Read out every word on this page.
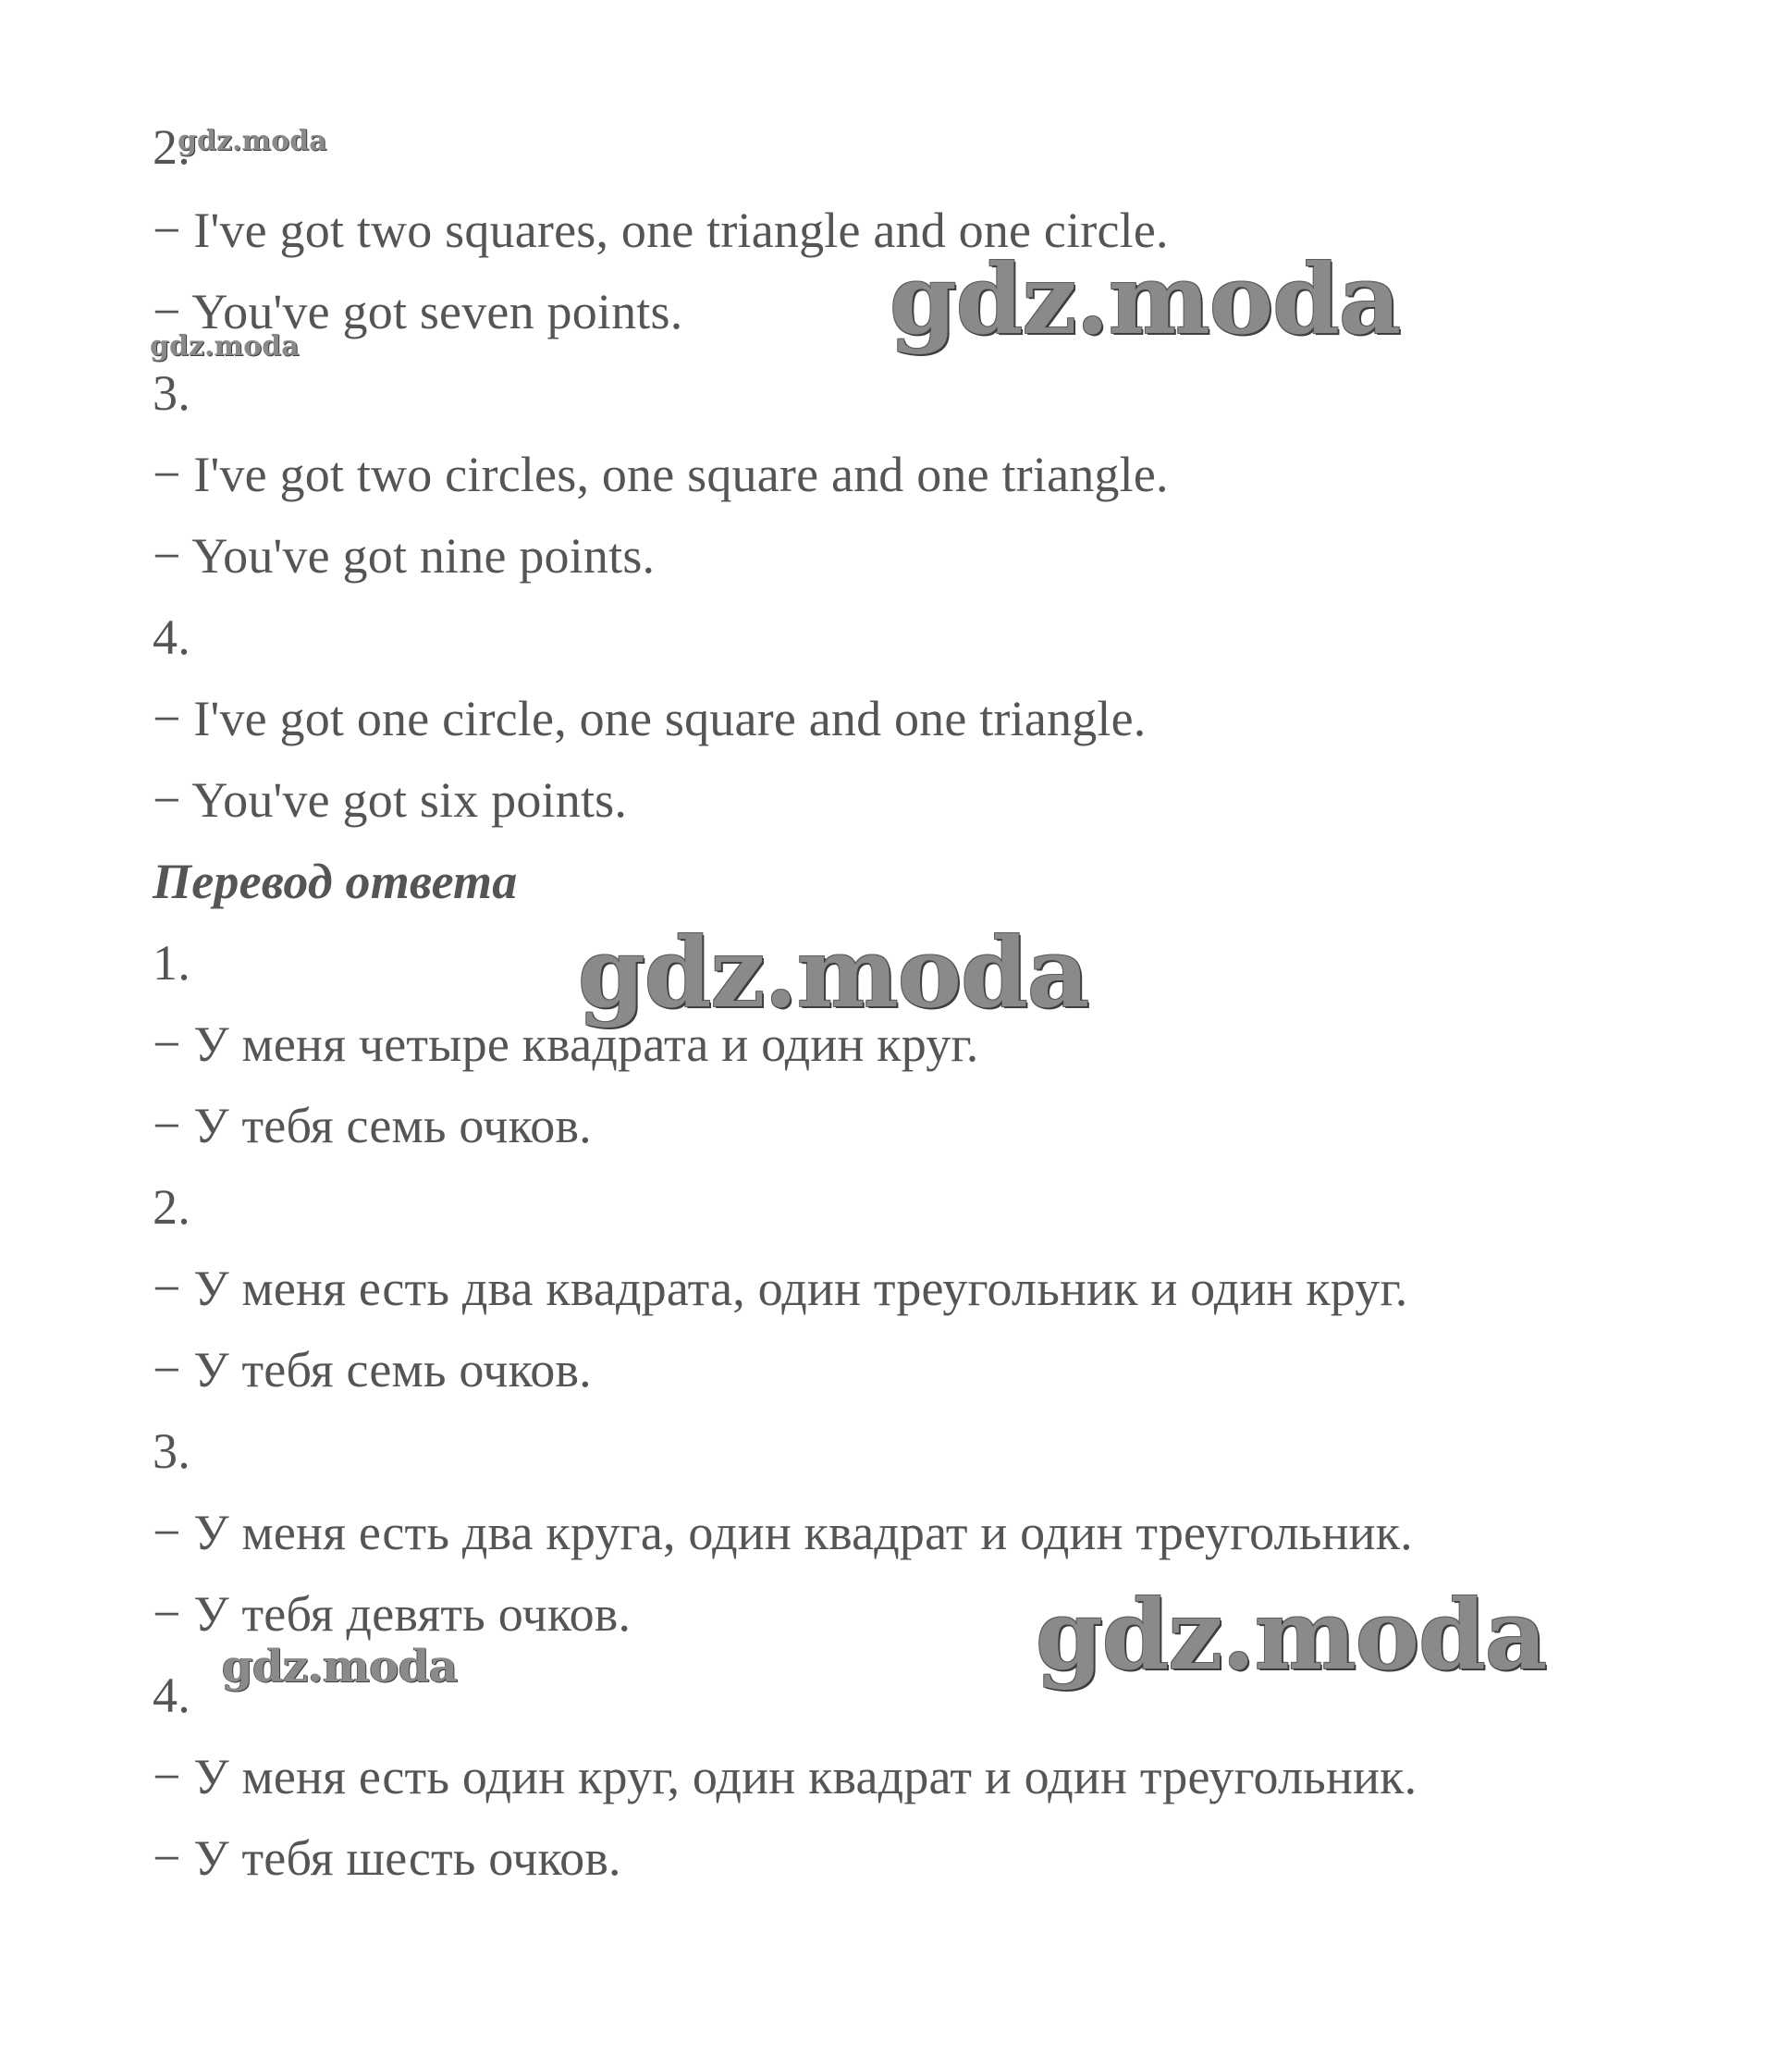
2.
− I've got two squares, one triangle and one circle.
− You've got seven points.
3.
− I've got two circles, one square and one triangle.
− You've got nine points.
4.
− I've got one circle, one square and one triangle.
− You've got six points.
Перевод ответа
1.
− У меня четыре квадрата и один круг.
− У тебя семь очков.
2.
− У меня есть два квадрата, один треугольник и один круг.
− У тебя семь очков.
3.
− У меня есть два круга, один квадрат и один треугольник.
− У тебя девять очков.
4.
− У меня есть один круг, один квадрат и один треугольник.
− У тебя шесть очков.
gdz.moda
gdz.moda	gdz.moda
gdz.moda
gdz.moda
gdz.moda
